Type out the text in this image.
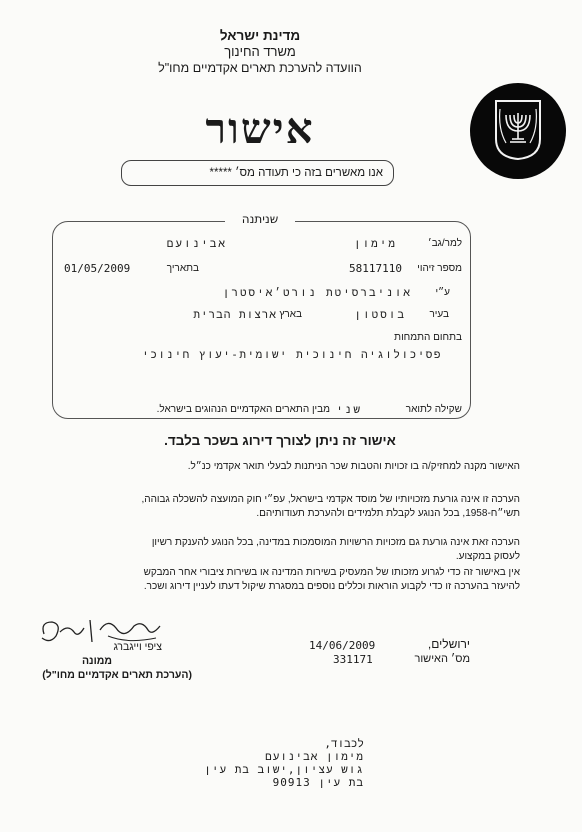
מדינת ישראל
משרד החינוך
הוועדה להערכת תארים אקדמיים מחו"ל
אישור
אנו מאשרים בזה כי תעודה מס׳ *****
שניתנה
למר/גב׳
מימון
אבינועם
מספר זיהוי
58117110
בתאריך
01/05/2009
ע״י
אוניברסיטת נורט׳איסטרן
בעיר
בוסטון
בארץ
ארצות הברית
בתחום התמחות
פסיכולוגיה חינוכית ישומית-יעוץ חינוכי
שקילה לתואר
שני
מבין התארים האקדמיים הנהוגים בישראל.
אישור זה ניתן לצורך דירוג בשכר בלבד.
האישור מקנה למחזיק/ה בו זכויות והטבות שכר הניתנות לבעלי תואר אקדמי כנ״ל.
הערכה זו אינה גורעת מזכויותיו של מוסד אקדמי בישראל, עפ״י חוק המועצה להשכלה גבוהה, תשי״ח-1958, בכל הנוגע לקבלת תלמידים ולהערכת תעודותיהם.
הערכה זאת אינה גורעת גם מזכויות הרשויות המוסמכות במדינה, בכל הנוגע להענקת רשיון לעסוק במקצוע.
אין באישור זה כדי לגרוע מזכותו של המעסיק בשירות המדינה או בשירות ציבורי אחר המבקש להיעזר בהערכה זו כדי לקבוע הוראות וכללים נוספים במסגרת שיקול דעתו לעניין דירוג ושכר.
ציפי וייגברג
ממונה
(הערכת תארים אקדמיים מחו"ל)
ירושלים,
14/06/2009
מס׳ האישור
331171
לכבוד,
מימון אבינועם
גוש עציון,ישוב בת עין
בת עין 90913
